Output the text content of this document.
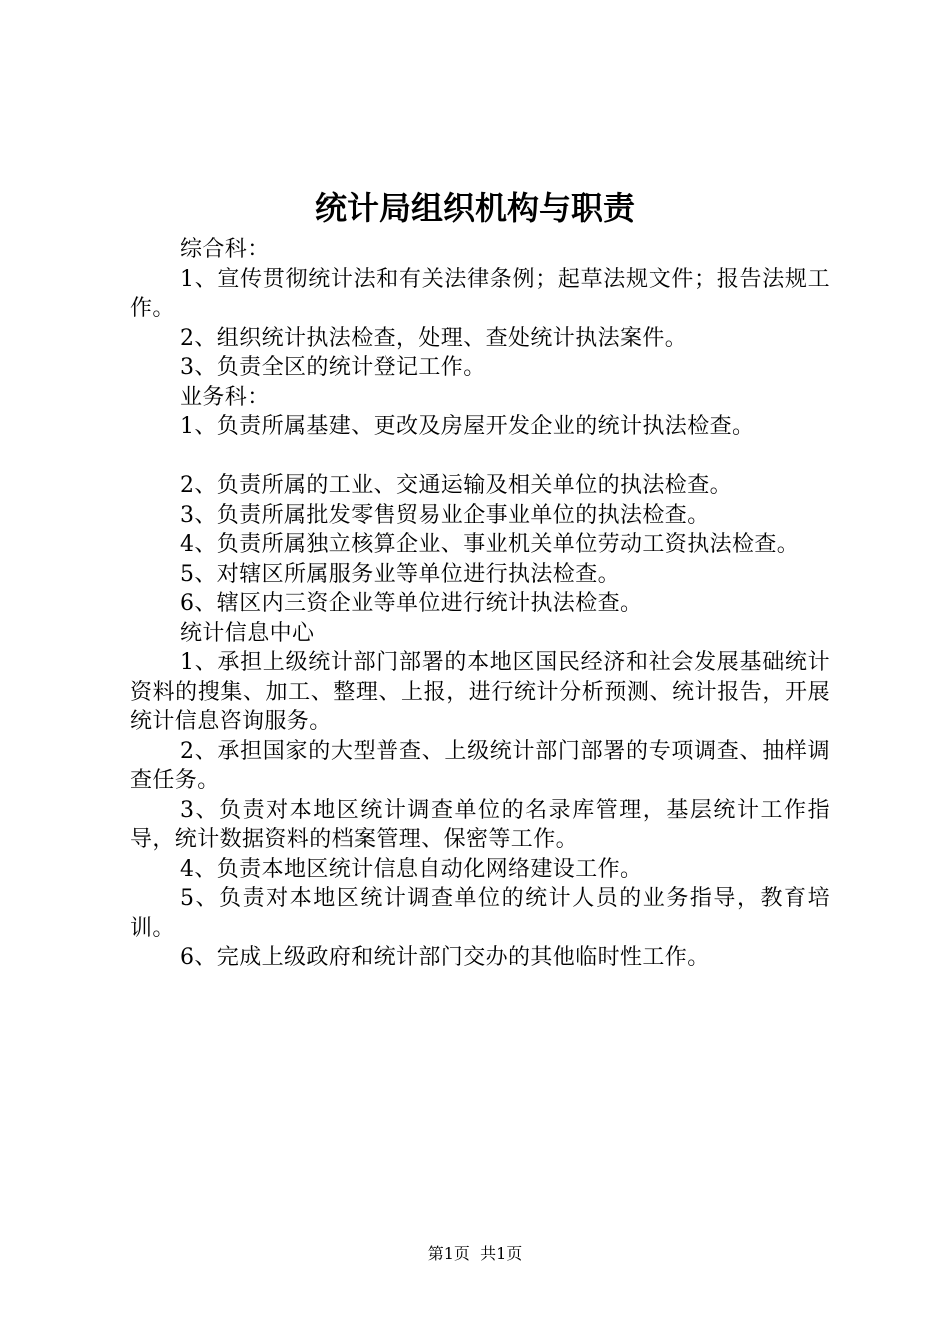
统计局组织机构与职责

综合科：

1、宣传贯彻统计法和有关法律条例；起草法规文件；报告法规工作。

2、组织统计执法检查，处理、查处统计执法案件。

3、负责全区的统计登记工作。

业务科：

1、负责所属基建、更改及房屋开发企业的统计执法检查。

2、负责所属的工业、交通运输及相关单位的执法检查。

3、负责所属批发零售贸易业企事业单位的执法检查。

4、负责所属独立核算企业、事业机关单位劳动工资执法检查。

5、对辖区所属服务业等单位进行执法检查。

6、辖区内三资企业等单位进行统计执法检查。

统计信息中心

1、承担上级统计部门部署的本地区国民经济和社会发展基础统计资料的搜集、加工、整理、上报，进行统计分析预测、统计报告，开展统计信息咨询服务。

2、承担国家的大型普查、上级统计部门部署的专项调查、抽样调查任务。

3、负责对本地区统计调查单位的名录库管理，基层统计工作指导，统计数据资料的档案管理、保密等工作。

4、负责本地区统计信息自动化网络建设工作。

5、负责对本地区统计调查单位的统计人员的业务指导，教育培训。

6、完成上级政府和统计部门交办的其他临时性工作。

第1页 共1页
